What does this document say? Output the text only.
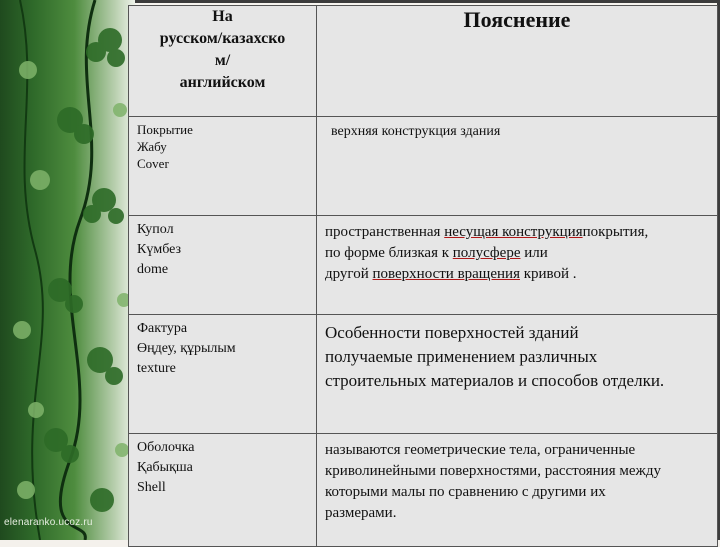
elenaranko.ucoz.ru
На
русском/казахско
м/
английском	Пояснение

Покрытие
Жабу
Cover	верхняя конструкция здания

Купол
Күмбез
dome	пространственная несущая конструкцияпокрытия,
по форме близкая к полусфере или
другой поверхности вращения кривой .

Фактура
Өңдеу, құрылым
texture	Особенности поверхностей зданий
получаемые применением различных
строительных материалов и способов отделки.

Оболочка
Қабықша
Shell	называются геометрические тела, ограниченные
криволинейными поверхностями, расстояния между
которыми малы по сравнению с другими их
размерами.
